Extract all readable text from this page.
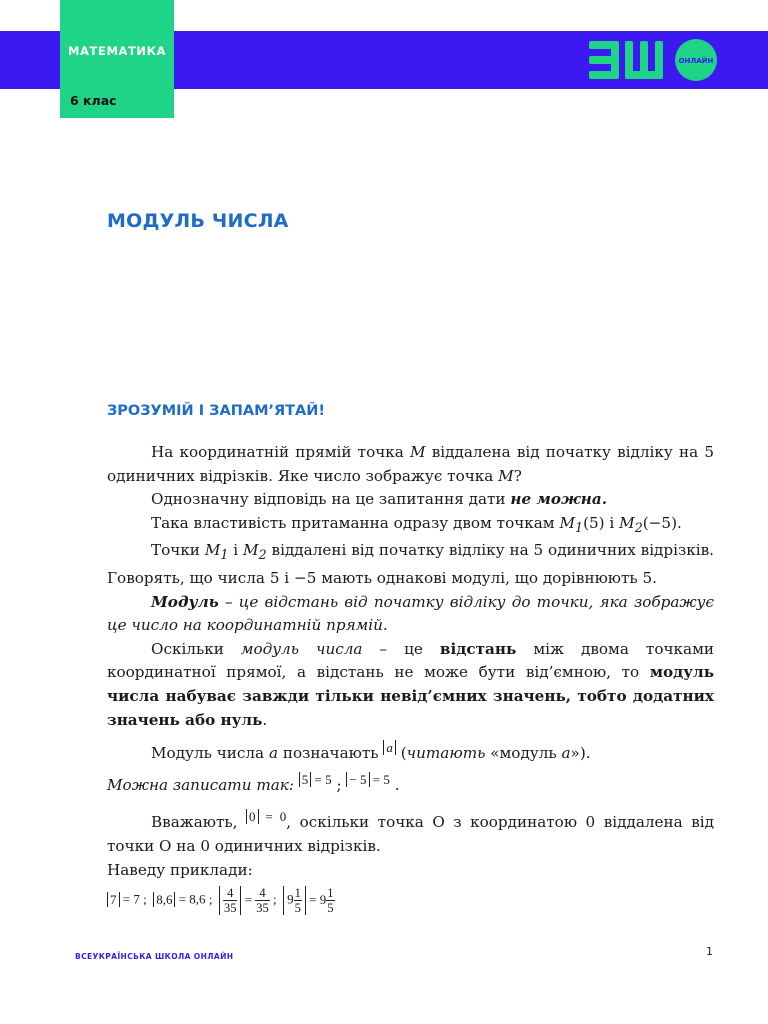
МАТЕМАТИКА
6 клас
ОНЛАЙН
МОДУЛЬ ЧИСЛА
ЗРОЗУМІЙ І ЗАПАМ’ЯТАЙ!

На координатній прямій точка M віддалена від початку відліку на 5 одиничних відрізків. Яке число зображує точка M?

Однозначну відповідь на це запитання дати не можна.

Така властивість притаманна одразу двом точкам $M_1(5)$ і $M_2(-5)$.

Точки $M_1$ і $M_2$ віддалені від початку відліку на 5 одиничних відрізків. Говорять, що числа 5 і −5 мають однакові модулі, що дорівнюють 5.

Модуль – це відстань від початку відліку до точки, яка зображує це число на координатній прямій.

Оскільки модуль числа – це відстань між двома точками координатної прямої, а відстань не може бути від’ємною, то модуль числа набуває завжди тільки невід’ємних значень, тобто додатних значень або нуль.

Модуль числа a позначають a (читають «модуль a»).

Можна записати так: 5 = 5 ; − 5 = 5 .

Вважають, 0 = 0, оскільки точка О з координатою 0 віддалена від точки О на 0 одиничних відрізків.

Наведу приклади:

7 = 7 ; 8,6 = 8,6 ; $\frac{4}{35} = \frac{4}{35}$ ; $9 \frac{1}{5} = 9 \frac{1}{5}$

ВСЕУКРАЇНСЬКА ШКОЛА ОНЛАЙН	1
